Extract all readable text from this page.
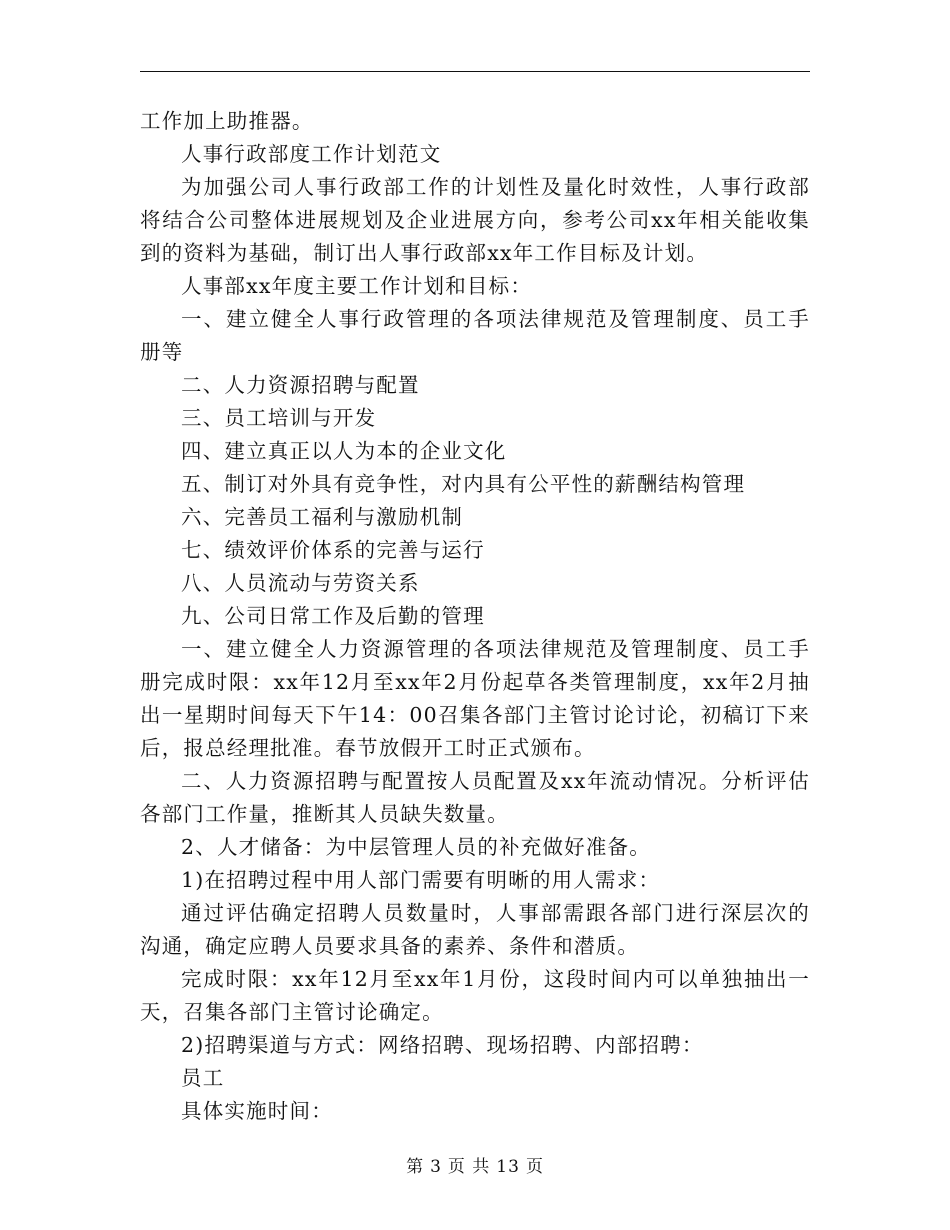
工作加上助推器。

人事行政部度工作计划范文

为加强公司人事行政部工作的计划性及量化时效性，人事行政部将结合公司整体进展规划及企业进展方向，参考公司xx年相关能收集到的资料为基础，制订出人事行政部xx年工作目标及计划。

人事部xx年度主要工作计划和目标：

一、建立健全人事行政管理的各项法律规范及管理制度、员工手册等

二、人力资源招聘与配置

三、员工培训与开发

四、建立真正以人为本的企业文化

五、制订对外具有竞争性，对内具有公平性的薪酬结构管理

六、完善员工福利与激励机制

七、绩效评价体系的完善与运行

八、人员流动与劳资关系

九、公司日常工作及后勤的管理

一、建立健全人力资源管理的各项法律规范及管理制度、员工手册完成时限：xx年12月至xx年2月份起草各类管理制度，xx年2月抽出一星期时间每天下午14：00召集各部门主管讨论讨论，初稿订下来后，报总经理批准。春节放假开工时正式颁布。

二、人力资源招聘与配置按人员配置及xx年流动情况。分析评估各部门工作量，推断其人员缺失数量。

2、人才储备：为中层管理人员的补充做好准备。

1)在招聘过程中用人部门需要有明晰的用人需求：

通过评估确定招聘人员数量时，人事部需跟各部门进行深层次的沟通，确定应聘人员要求具备的素养、条件和潜质。

完成时限：xx年12月至xx年1月份，这段时间内可以单独抽出一天，召集各部门主管讨论确定。

2)招聘渠道与方式：网络招聘、现场招聘、内部招聘：

员工

具体实施时间：

第 3 页 共 13 页
